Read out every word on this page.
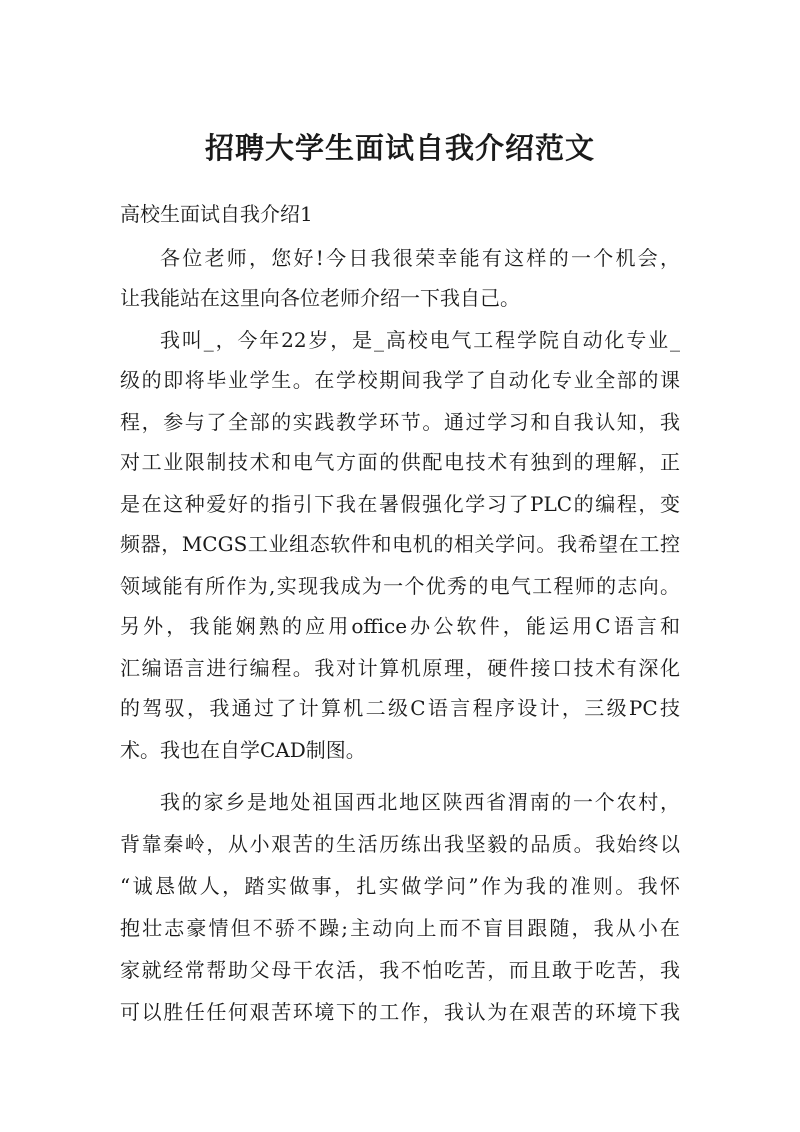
招聘大学生面试自我介绍范文

高校生面试自我介绍1

各位老师，您好!今日我很荣幸能有这样的一个机会，

让我能站在这里向各位老师介绍一下我自己。

我叫_，今年22岁，是_高校电气工程学院自动化专业_

级的即将毕业学生。在学校期间我学了自动化专业全部的课

程，参与了全部的实践教学环节。通过学习和自我认知，我

对工业限制技术和电气方面的供配电技术有独到的理解，正

是在这种爱好的指引下我在暑假强化学习了PLC的编程，变

频器，MCGS工业组态软件和电机的相关学问。我希望在工控

领域能有所作为,实现我成为一个优秀的电气工程师的志向。

另外，我能娴熟的应用office办公软件，能运用C语言和

汇编语言进行编程。我对计算机原理，硬件接口技术有深化

的驾驭，我通过了计算机二级C语言程序设计，三级PC技

术。我也在自学CAD制图。

我的家乡是地处祖国西北地区陕西省渭南的一个农村，

背靠秦岭，从小艰苦的生活历练出我坚毅的品质。我始终以

“诚恳做人，踏实做事，扎实做学问”作为我的准则。我怀

抱壮志豪情但不骄不躁;主动向上而不盲目跟随，我从小在

家就经常帮助父母干农活，我不怕吃苦，而且敢于吃苦，我

可以胜任任何艰苦环境下的工作，我认为在艰苦的环境下我
